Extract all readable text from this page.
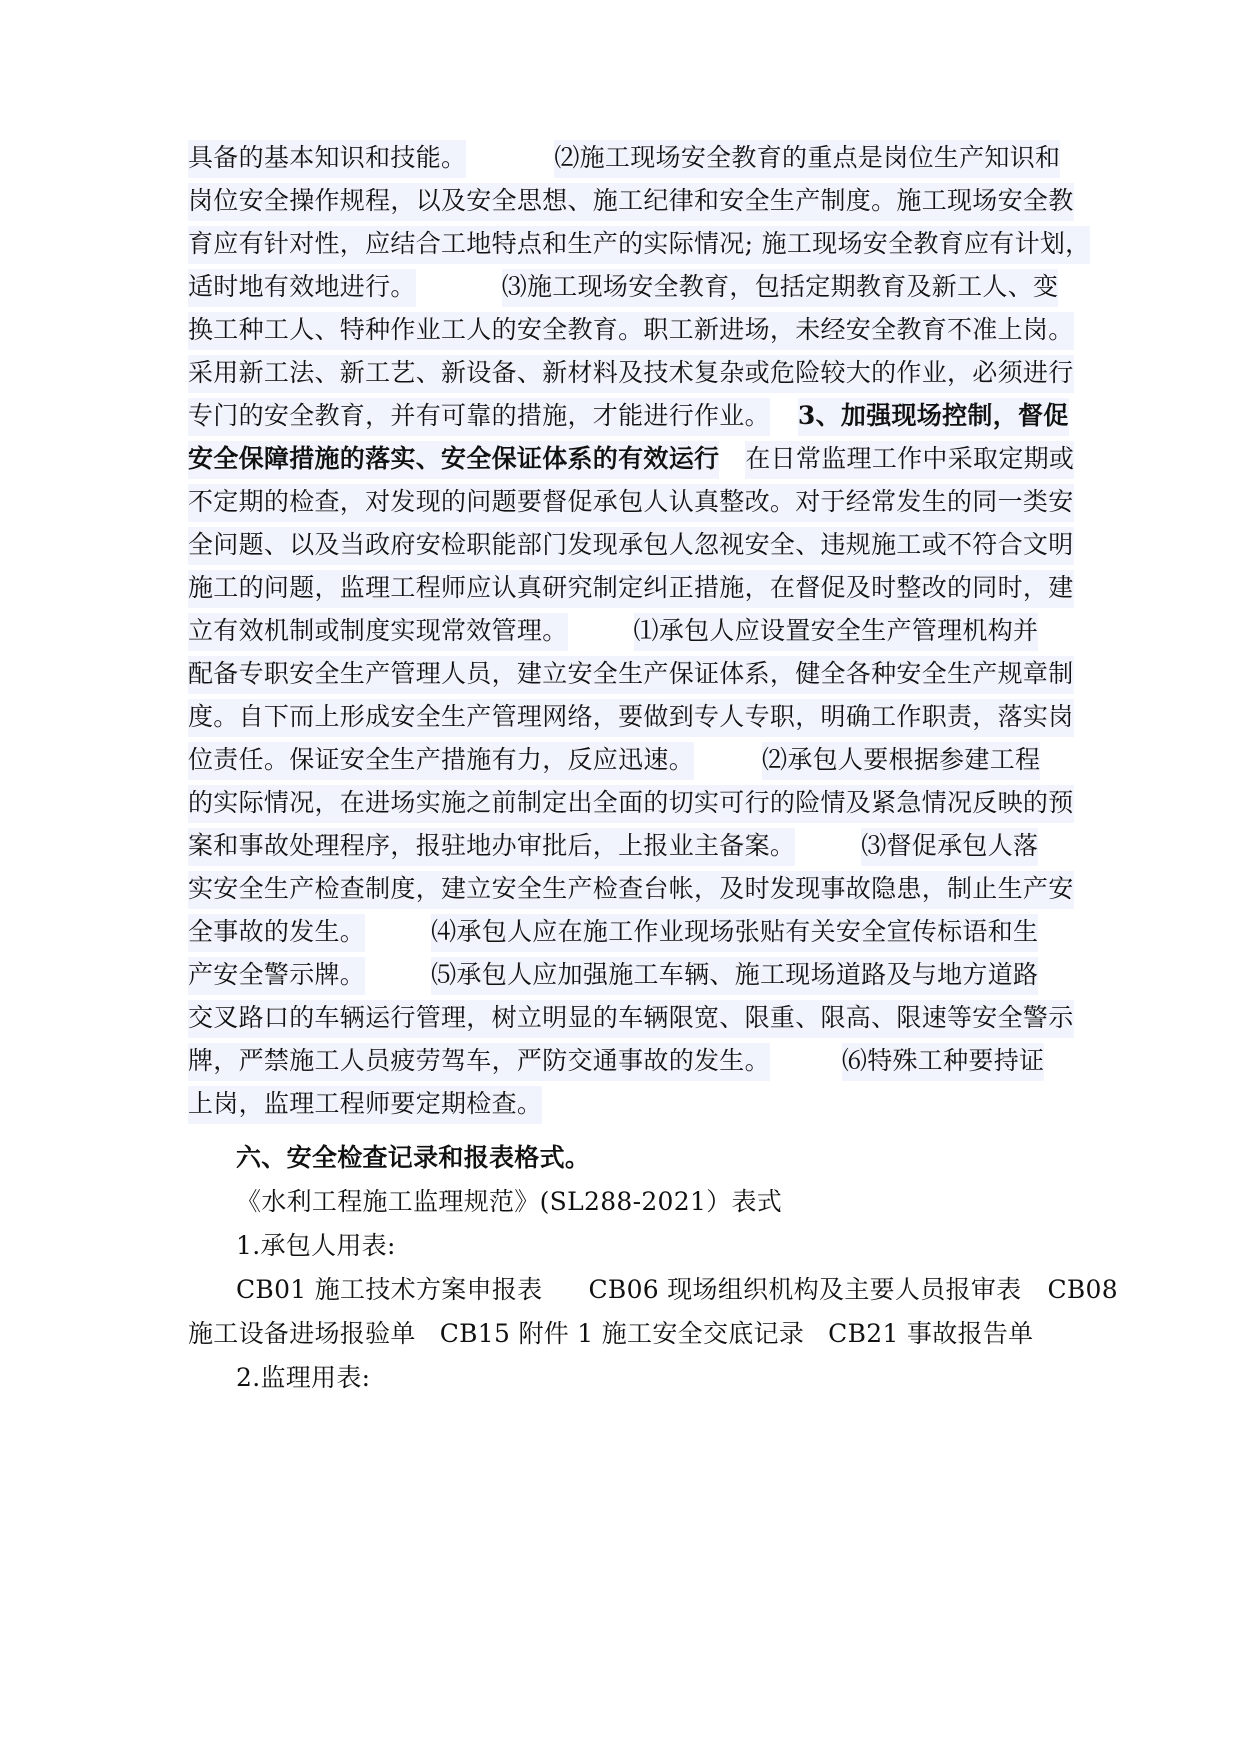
具备的基本知识和技能。	⑵施工现场安全教育的重点是岗位生产知识和
岗位安全操作规程，以及安全思想、施工纪律和安全生产制度。施工现场安全教
育应有针对性，应结合工地特点和生产的实际情况; 施工现场安全教育应有计划，
适时地有效地进行。	⑶施工现场安全教育，包括定期教育及新工人、变
换工种工人、特种作业工人的安全教育。职工新进场，未经安全教育不准上岗。
采用新工法、新工艺、新设备、新材料及技术复杂或危险较大的作业，必须进行
专门的安全教育，并有可靠的措施，才能进行作业。 3、加强现场控制，督促
安全保障措施的落实、安全保证体系的有效运行 在日常监理工作中采取定期或
不定期的检查，对发现的问题要督促承包人认真整改。对于经常发生的同一类安
全问题、以及当政府安检职能部门发现承包人忽视安全、违规施工或不符合文明
施工的问题，监理工程师应认真研究制定纠正措施，在督促及时整改的同时，建
立有效机制或制度实现常效管理。	⑴承包人应设置安全生产管理机构并
配备专职安全生产管理人员，建立安全生产保证体系，健全各种安全生产规章制
度。自下而上形成安全生产管理网络，要做到专人专职，明确工作职责，落实岗
位责任。保证安全生产措施有力，反应迅速。	⑵承包人要根据参建工程
的实际情况，在进场实施之前制定出全面的切实可行的险情及紧急情况反映的预
案和事故处理程序，报驻地办审批后，上报业主备案。	⑶督促承包人落
实安全生产检查制度，建立安全生产检查台帐，及时发现事故隐患，制止生产安
全事故的发生。	⑷承包人应在施工作业现场张贴有关安全宣传标语和生
产安全警示牌。	⑸承包人应加强施工车辆、施工现场道路及与地方道路
交叉路口的车辆运行管理，树立明显的车辆限宽、限重、限高、限速等安全警示
牌，严禁施工人员疲劳驾车，严防交通事故的发生。	⑹特殊工种要持证
上岗，监理工程师要定期检查。
六、安全检查记录和报表格式。
《水利工程施工监理规范》(SL288-2021）表式
1.承包人用表:
CB01 施工技术方案申报表 CB06 现场组织机构及主要人员报审表 CB08
施工设备进场报验单 CB15 附件 1 施工安全交底记录 CB21 事故报告单
2.监理用表:
